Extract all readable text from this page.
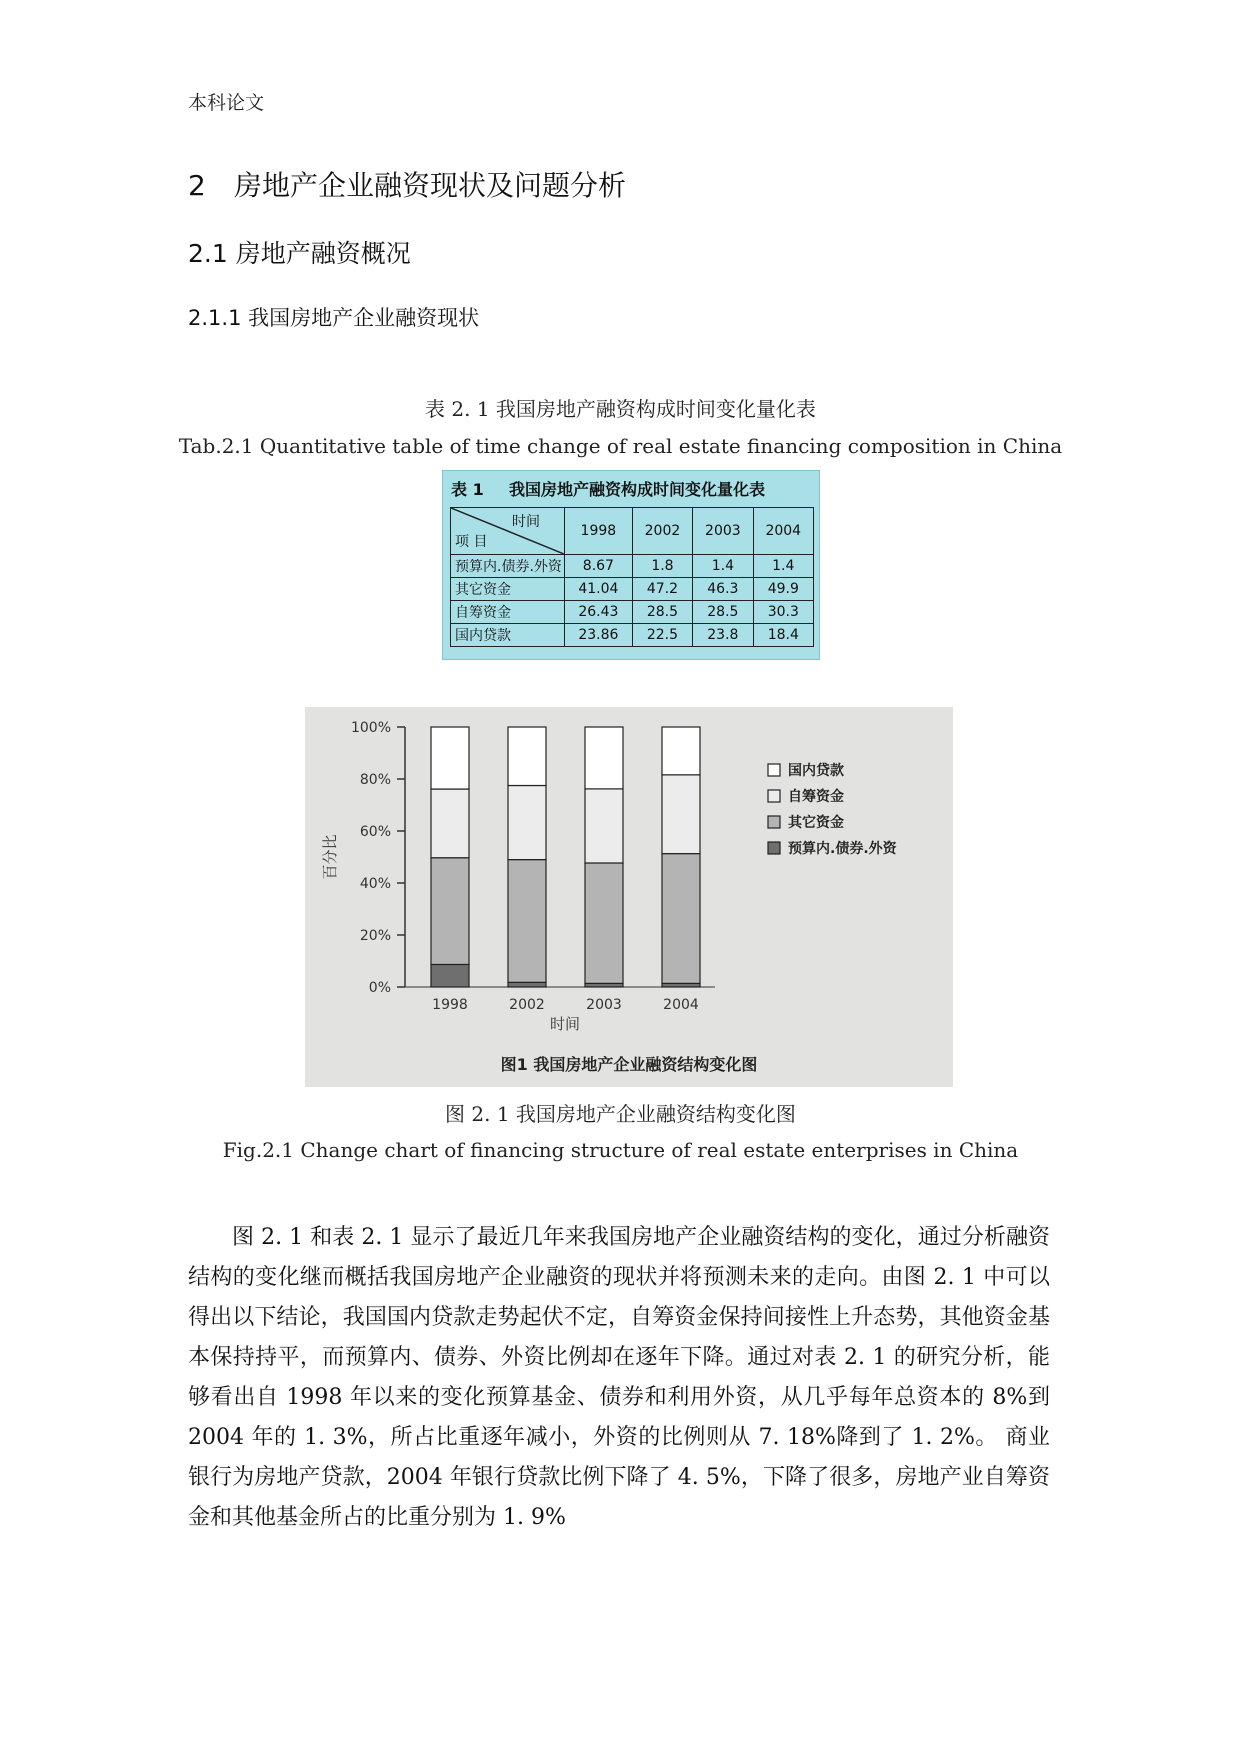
本科论文
2 房地产企业融资现状及问题分析
2.1 房地产融资概况
2.1.1 我国房地产企业融资现状
表 2. 1 我国房地产融资构成时间变化量化表
Tab.2.1 Quantitative table of time change of real estate financing composition in China
表 1 我国房地产融资构成时间变化量化表
时间
项 目	1998	2002	2003	2004
预算内.债券.外资	8.67	1.8	1.4	1.4
其它资金	41.04	47.2	46.3	49.9
自筹资金	26.43	28.5	28.5	30.3
国内贷款	23.86	22.5	23.8	18.4
0%
20%
40%
60%
80%
100%
百分比
1998	2002	2003	2004
时间
国内贷款
自筹资金
其它资金
预算内.债券.外资
图1 我国房地产企业融资结构变化图
图 2. 1 我国房地产企业融资结构变化图
Fig.2.1 Change chart of financing structure of real estate enterprises in China
图 2. 1 和表 2. 1 显示了最近几年来我国房地产企业融资结构的变化，通过分析融资结构的变化继而概括我国房地产企业融资的现状并将预测未来的走向。由图 2. 1 中可以得出以下结论，我国国内贷款走势起伏不定，自筹资金保持间接性上升态势，其他资金基本保持持平，而预算内、债券、外资比例却在逐年下降。通过对表 2. 1 的研究分析，能够看出自 1998 年以来的变化预算基金、债券和利用外资，从几乎每年总资本的 8%到 2004 年的 1. 3%，所占比重逐年减小，外资的比例则从 7. 18%降到了 1. 2%。 商业银行为房地产贷款，2004 年银行贷款比例下降了 4. 5%，下降了很多，房地产业自筹资金和其他基金所占的比重分别为 1. 9%
